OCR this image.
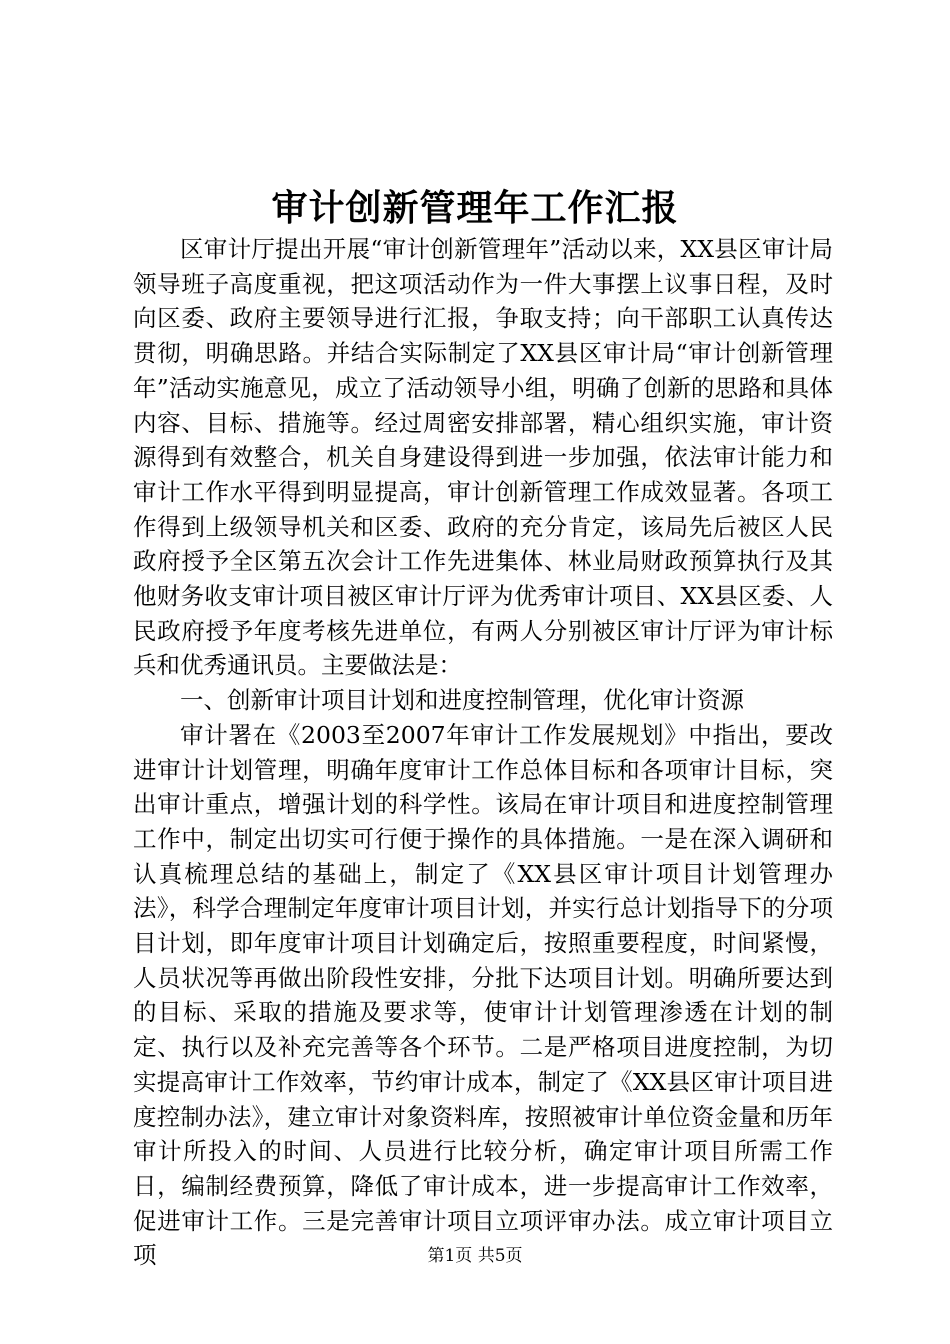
审计创新管理年工作汇报

区审计厅提出开展“审计创新管理年”活动以来，XX县区审计局领导班子高度重视，把这项活动作为一件大事摆上议事日程，及时向区委、政府主要领导进行汇报，争取支持；向干部职工认真传达贯彻，明确思路。并结合实际制定了XX县区审计局“审计创新管理年”活动实施意见，成立了活动领导小组，明确了创新的思路和具体内容、目标、措施等。经过周密安排部署，精心组织实施，审计资源得到有效整合，机关自身建设得到进一步加强，依法审计能力和审计工作水平得到明显提高，审计创新管理工作成效显著。各项工作得到上级领导机关和区委、政府的充分肯定，该局先后被区人民政府授予全区第五次会计工作先进集体、林业局财政预算执行及其他财务收支审计项目被区审计厅评为优秀审计项目、XX县区委、人民政府授予年度考核先进单位，有两人分别被区审计厅评为审计标兵和优秀通讯员。主要做法是：

一、创新审计项目计划和进度控制管理，优化审计资源

审计署在《2003至2007年审计工作发展规划》中指出，要改进审计计划管理，明确年度审计工作总体目标和各项审计目标，突出审计重点，增强计划的科学性。该局在审计项目和进度控制管理工作中，制定出切实可行便于操作的具体措施。一是在深入调研和认真梳理总结的基础上，制定了《XX县区审计项目计划管理办法》，科学合理制定年度审计项目计划，并实行总计划指导下的分项目计划，即年度审计项目计划确定后，按照重要程度，时间紧慢，人员状况等再做出阶段性安排，分批下达项目计划。明确所要达到的目标、采取的措施及要求等，使审计计划管理渗透在计划的制定、执行以及补充完善等各个环节。二是严格项目进度控制，为切实提高审计工作效率，节约审计成本，制定了《XX县区审计项目进度控制办法》，建立审计对象资料库，按照被审计单位资金量和历年审计所投入的时间、人员进行比较分析，确定审计项目所需工作日，编制经费预算，降低了审计成本，进一步提高审计工作效率，促进审计工作。三是完善审计项目立项评审办法。成立审计项目立项	第1页 共5页
